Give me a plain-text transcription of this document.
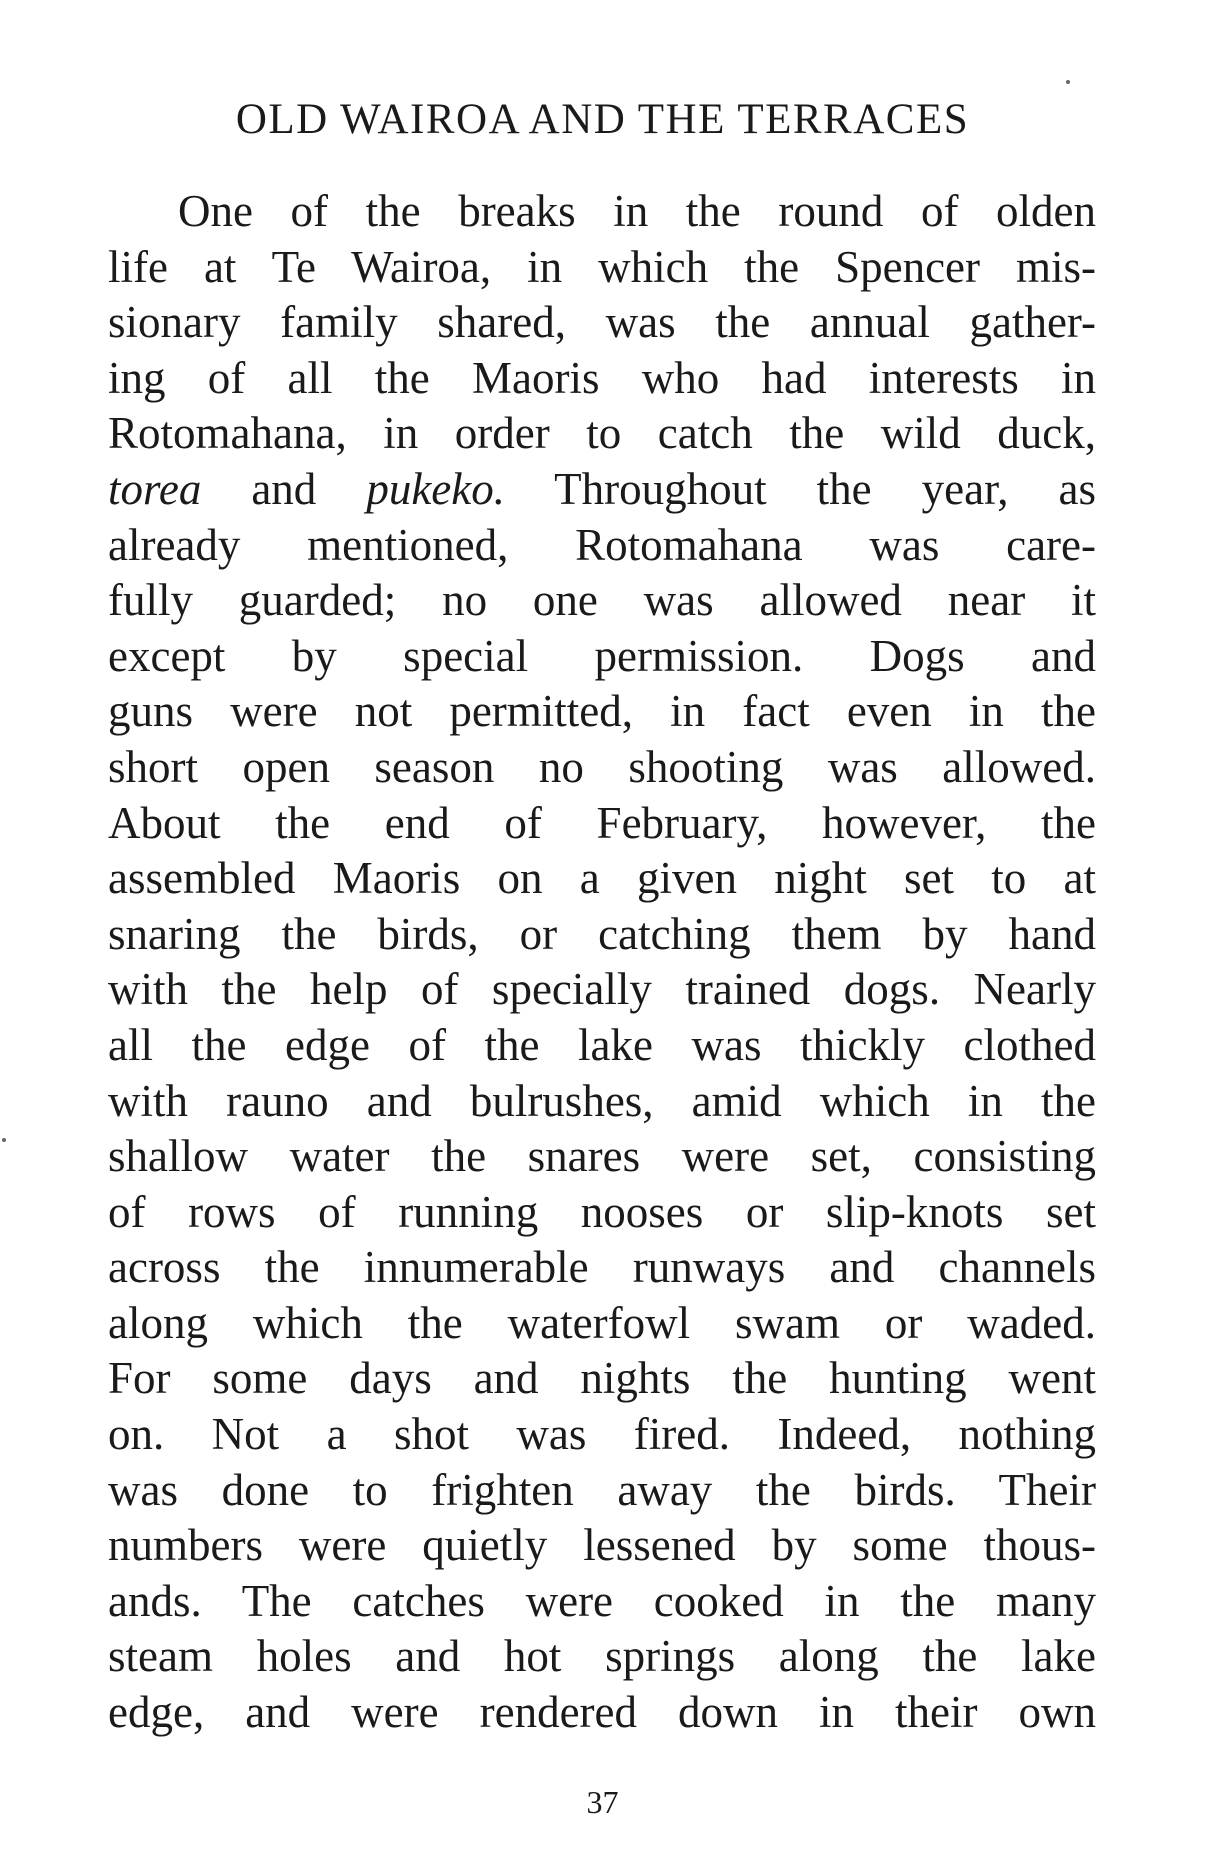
OLD WAIROA AND THE TERRACES
One of the breaks in the round of olden
life at Te Wairoa, in which the Spencer mis-
sionary family shared, was the annual gather-
ing of all the Maoris who had interests in
Rotomahana, in order to catch the wild duck,
torea and pukeko. Throughout the year, as
already mentioned, Rotomahana was care-
fully guarded; no one was allowed near it
except by special permission. Dogs and
guns were not permitted, in fact even in the
short open season no shooting was allowed.
About the end of February, however, the
assembled Maoris on a given night set to at
snaring the birds, or catching them by hand
with the help of specially trained dogs. Nearly
all the edge of the lake was thickly clothed
with rauno and bulrushes, amid which in the
shallow water the snares were set, consisting
of rows of running nooses or slip-knots set
across the innumerable runways and channels
along which the waterfowl swam or waded.
For some days and nights the hunting went
on. Not a shot was fired. Indeed, nothing
was done to frighten away the birds. Their
numbers were quietly lessened by some thous-
ands. The catches were cooked in the many
steam holes and hot springs along the lake
edge, and were rendered down in their own
37
